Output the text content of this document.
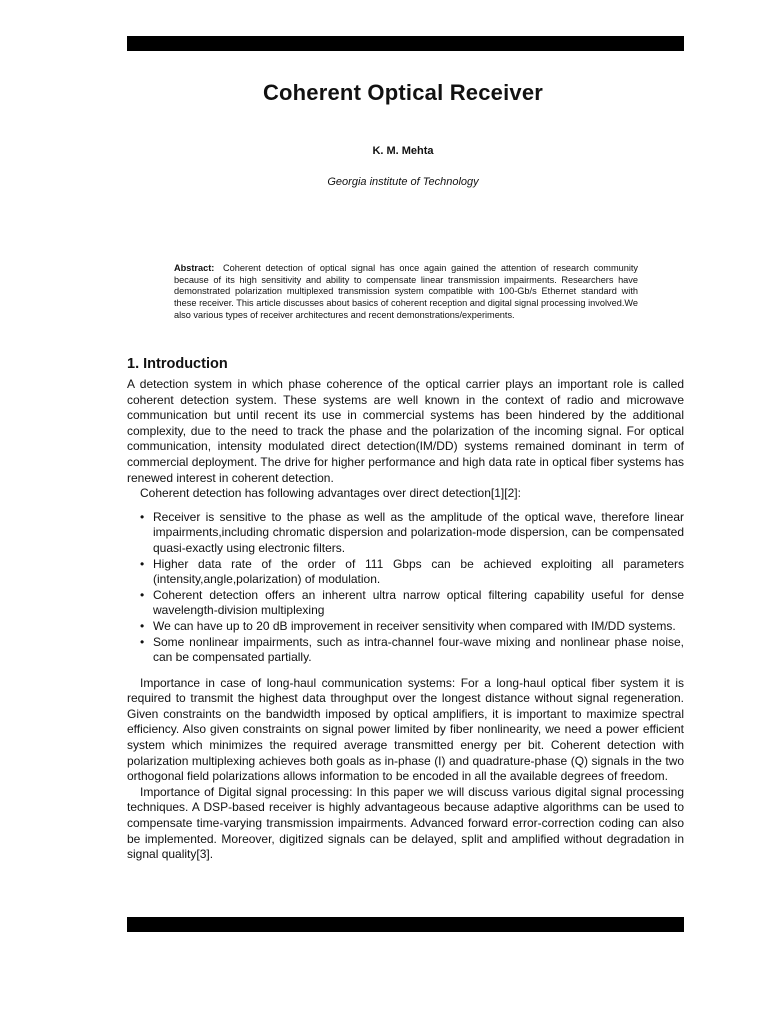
Coherent Optical Receiver
K. M. Mehta
Georgia institute of Technology
Abstract: Coherent detection of optical signal has once again gained the attention of research community because of its high sensitivity and ability to compensate linear transmission impairments. Researchers have demonstrated polarization multiplexed transmission system compatible with 100-Gb/s Ethernet standard with these receiver. This article discusses about basics of coherent reception and digital signal processing involved.We also various types of receiver architectures and recent demonstrations/experiments.
1. Introduction

A detection system in which phase coherence of the optical carrier plays an important role is called coherent detection system. These systems are well known in the context of radio and microwave communication but until recent its use in commercial systems has been hindered by the additional complexity, due to the need to track the phase and the polarization of the incoming signal. For optical communication, intensity modulated direct detection(IM/DD) systems remained dominant in term of commercial deployment. The drive for higher performance and high data rate in optical fiber systems has renewed interest in coherent detection.

Coherent detection has following advantages over direct detection[1][2]:

• Receiver is sensitive to the phase as well as the amplitude of the optical wave, therefore linear impairments,including chromatic dispersion and polarization-mode dispersion, can be compensated quasi-exactly using electronic filters.
• Higher data rate of the order of 111 Gbps can be achieved exploiting all parameters (intensity,angle,polarization) of modulation.
• Coherent detection offers an inherent ultra narrow optical filtering capability useful for dense wavelength-division multiplexing
• We can have up to 20 dB improvement in receiver sensitivity when compared with IM/DD systems.
• Some nonlinear impairments, such as intra-channel four-wave mixing and nonlinear phase noise, can be compensated partially.

Importance in case of long-haul communication systems: For a long-haul optical fiber system it is required to transmit the highest data throughput over the longest distance without signal regeneration. Given constraints on the bandwidth imposed by optical amplifiers, it is important to maximize spectral efficiency. Also given constraints on signal power limited by fiber nonlinearity, we need a power efficient system which minimizes the required average transmitted energy per bit. Coherent detection with polarization multiplexing achieves both goals as in-phase (I) and quadrature-phase (Q) signals in the two orthogonal field polarizations allows information to be encoded in all the available degrees of freedom.

Importance of Digital signal processing: In this paper we will discuss various digital signal processing techniques. A DSP-based receiver is highly advantageous because adaptive algorithms can be used to compensate time-varying transmission impairments. Advanced forward error-correction coding can also be implemented. Moreover, digitized signals can be delayed, split and amplified without degradation in signal quality[3].
